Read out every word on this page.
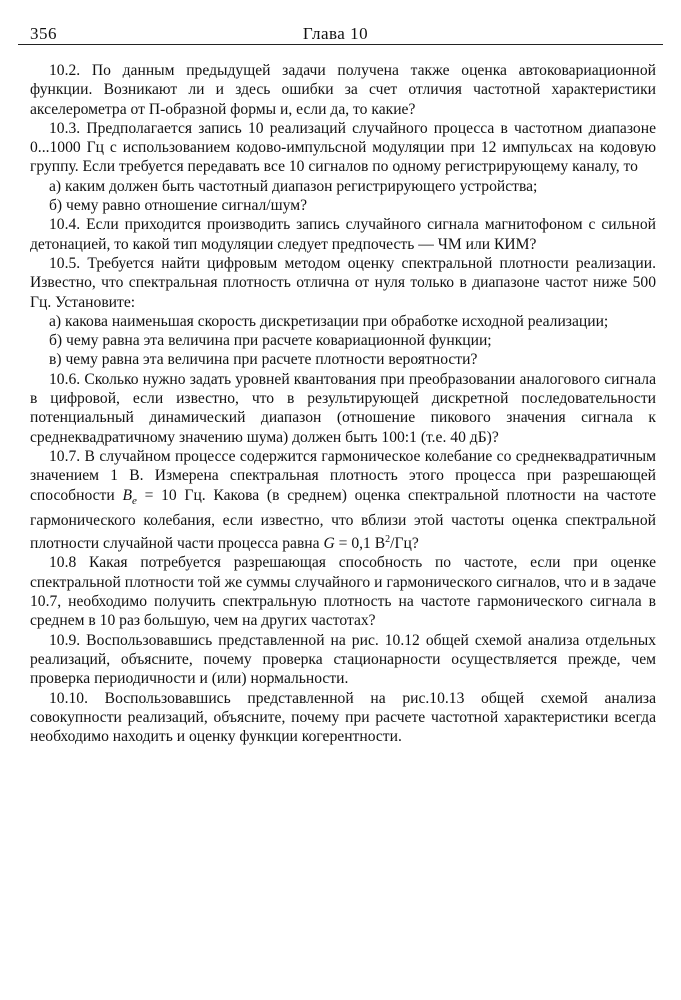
356	Глава 10

10.2. По данным предыдущей задачи получена также оценка автоковариационной функции. Возникают ли и здесь ошибки за счет отличия частотной характеристики акселерометра от П-образной формы и, если да, то какие?

10.3. Предполагается запись 10 реализаций случайного процесса в частотном диапазоне 0...1000 Гц с использованием кодово-импульсной модуляции при 12 импульсах на кодовую группу. Если требуется передавать все 10 сигналов по одному регистрирующему каналу, то

а) каким должен быть частотный диапазон регистрирующего устройства;

б) чему равно отношение сигнал/шум?

10.4. Если приходится производить запись случайного сигнала магнитофоном с сильной детонацией, то какой тип модуляции следует предпочесть — ЧМ или КИМ?

10.5. Требуется найти цифровым методом оценку спектральной плотности реализации. Известно, что спектральная плотность отлична от нуля только в диапазоне частот ниже 500 Гц. Установите:

а) какова наименьшая скорость дискретизации при обработке исходной реализации;

б) чему равна эта величина при расчете ковариационной функции;

в) чему равна эта величина при расчете плотности вероятности?

10.6. Сколько нужно задать уровней квантования при преобразовании аналогового сигнала в цифровой, если известно, что в результирующей дискретной последовательности потенциальный динамический диапазон (отношение пикового значения сигнала к среднеквадратичному значению шума) должен быть 100:1 (т.е. 40 дБ)?

10.7. В случайном процессе содержится гармоническое колебание со среднеквадратичным значением 1 В. Измерена спектральная плотность этого процесса при разрешающей способности $B_e = 10$ Гц. Какова (в среднем) оценка спектральной плотности на частоте гармонического колебания, если известно, что вблизи этой частоты оценка спектральной плотности случайной части процесса равна G = 0,1 $В^2/Гц$?

10.8 Какая потребуется разрешающая способность по частоте, если при оценке спектральной плотности той же суммы случайного и гармонического сигналов, что и в задаче 10.7, необходимо получить спектральную плотность на частоте гармонического сигнала в среднем в 10 раз большую, чем на других частотах?

10.9. Воспользовавшись представленной на рис. 10.12 общей схемой анализа отдельных реализаций, объясните, почему проверка стационарности осуществляется прежде, чем проверка периодичности и (или) нормальности.

10.10. Воспользовавшись представленной на рис.10.13 общей схемой анализа совокупности реализаций, объясните, почему при расчете частотной характеристики всегда необходимо находить и оценку функции когерентности.
